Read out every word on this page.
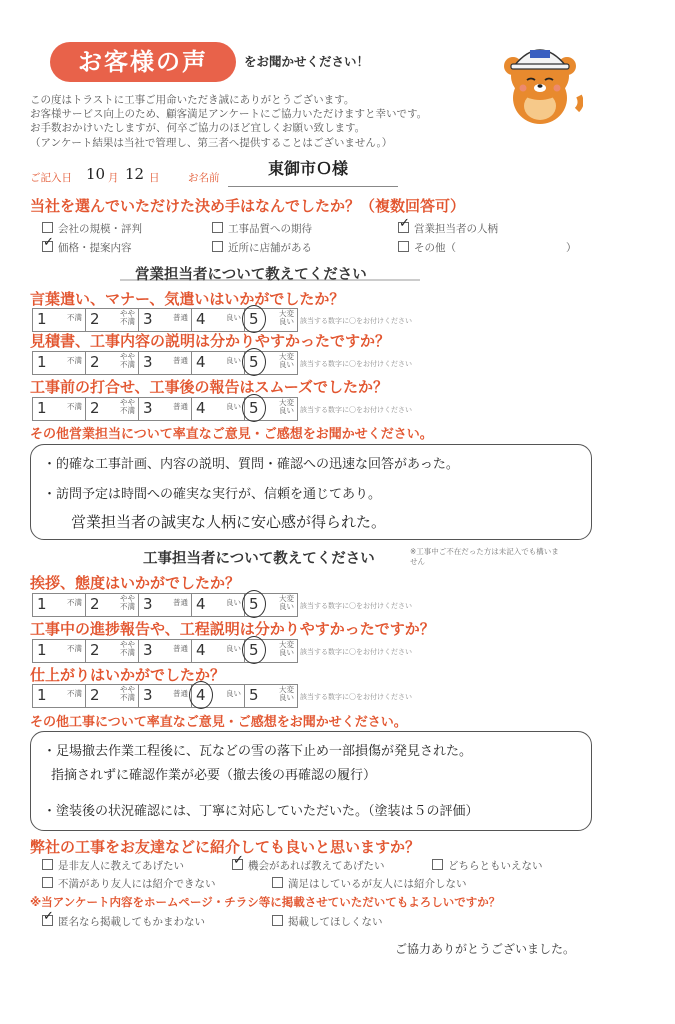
お客様の声	をお聞かせください！
この度はトラストに工事ご用命いただき誠にありがとうございます。
お客様サービス向上のため、顧客満足アンケートにご協力いただけますと幸いです。
お手数おかけいたしますが、何卒ご協力のほど宜しくお願い致します。
（アンケート結果は当社で管理し、第三者へ提供することはございません。）
ご記入日 10 月 12 日	お名前	東御市Ｏ様
当社を選んでいただけた決め手はなんでしたか？（複数回答可）
会社の規模・評判	工事品質への期待 ✓	営業担当者の人柄
✓価格・提案内容	近所に店舗がある	その他（	）
営業担当者について教えてください
言葉遣い、マナー、気遣いはいかがでしたか？
1	不満 2	やや
不満 3	普通 4	良い 5	大変
良い 該当する数字に〇をお付けください
見積書、工事内容の説明は分かりやすかったですか？
1	不満 2	やや
不満 3	普通 4	良い 5	大変
良い 該当する数字に〇をお付けください
工事前の打合せ、工事後の報告はスムーズでしたか？
1	不満 2	やや
不満 3	普通 4	良い 5	大変
良い 該当する数字に〇をお付けください
その他営業担当について率直なご意見・ご感想をお聞かせください。
・的確な工事計画、内容の説明、質問・確認への迅速な回答があった。
・訪問予定は時間への確実な実行が、信頼を通じてあり。
営業担当者の誠実な人柄に安心感が得られた。
工事担当者について教えてください	※工事中ご不在だった方は未記入でも構いません
挨拶、態度はいかがでしたか？
1	不満 2	やや
不満 3	普通 4	良い 5	大変
良い 該当する数字に〇をお付けください
工事中の進捗報告や、工程説明は分かりやすかったですか？
1	不満 2	やや
不満 3	普通 4	良い 5	大変
良い 該当する数字に〇をお付けください
仕上がりはいかがでしたか？
1	不満 2	やや
不満 3	普通 4	良い 5	大変
良い 該当する数字に〇をお付けください
その他工事について率直なご意見・ご感想をお聞かせください。
・足場撤去作業工程後に、瓦などの雪の落下止め一部損傷が発見された。
指摘されずに確認作業が必要（撤去後の再確認の履行）
・塗装後の状況確認には、丁寧に対応していただいた。（塗装は５の評価）
弊社の工事をお友達などに紹介しても良いと思いますか？
是非友人に教えてあげたい ✓	機会があれば教えてあげたい	どちらともいえない
不満があり友人には紹介できない	満足はしているが友人には紹介しない
※当アンケート内容をホームページ・チラシ等に掲載させていただいてもよろしいですか？
✓匿名なら掲載してもかまわない	掲載してほしくない
ご協力ありがとうございました。
